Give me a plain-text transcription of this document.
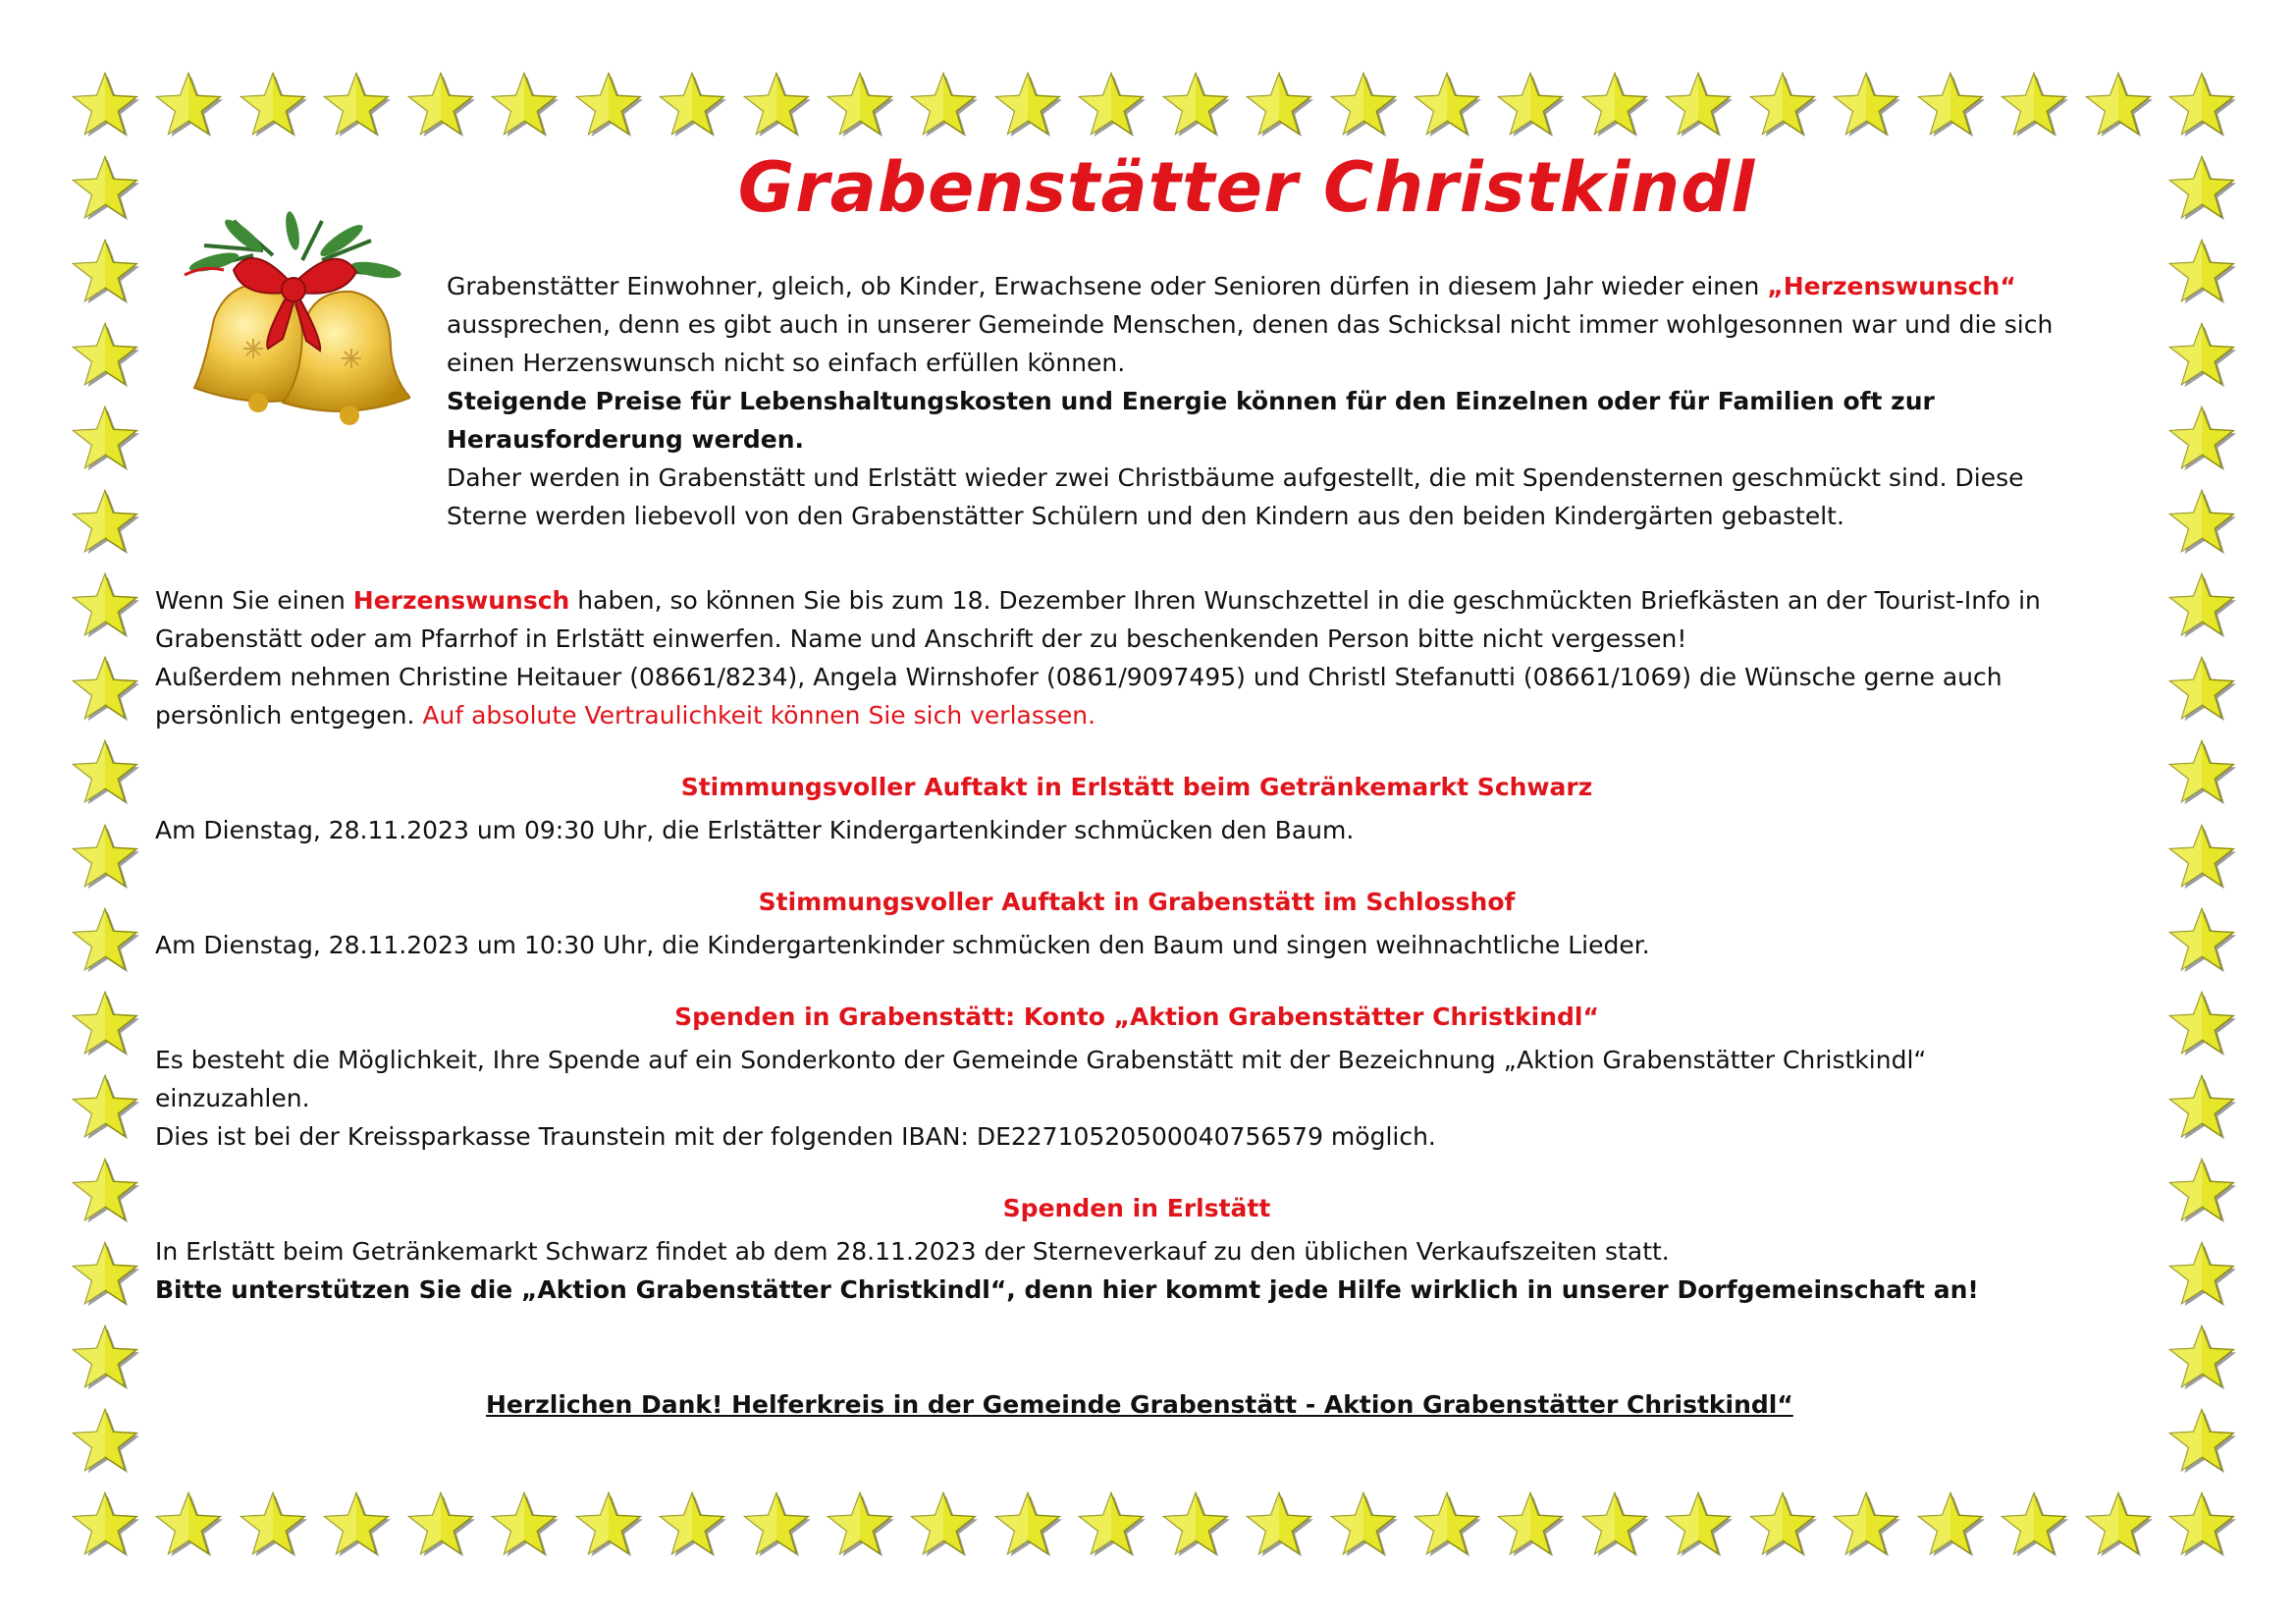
Grabenstätter Christkindl
Grabenstätter Einwohner, gleich, ob Kinder, Erwachsene oder Senioren dürfen in diesem Jahr wieder einen „Herzenswunsch“
aussprechen, denn es gibt auch in unserer Gemeinde Menschen, denen das Schicksal nicht immer wohlgesonnen war und die sich
einen Herzenswunsch nicht so einfach erfüllen können.
Steigende Preise für Lebenshaltungskosten und Energie können für den Einzelnen oder für Familien oft zur
Herausforderung werden.
Daher werden in Grabenstätt und Erlstätt wieder zwei Christbäume aufgestellt, die mit Spendensternen geschmückt sind. Diese
Sterne werden liebevoll von den Grabenstätter Schülern und den Kindern aus den beiden Kindergärten gebastelt.
Wenn Sie einen Herzenswunsch haben, so können Sie bis zum 18. Dezember Ihren Wunschzettel in die geschmückten Briefkästen an der Tourist-Info in
Grabenstätt oder am Pfarrhof in Erlstätt einwerfen. Name und Anschrift der zu beschenkenden Person bitte nicht vergessen!
Außerdem nehmen Christine Heitauer (08661/8234), Angela Wirnshofer (0861/9097495) und Christl Stefanutti (08661/1069) die Wünsche gerne auch
persönlich entgegen. Auf absolute Vertraulichkeit können Sie sich verlassen.

Stimmungsvoller Auftakt in Erlstätt beim Getränkemarkt Schwarz

Am Dienstag, 28.11.2023 um 09:30 Uhr, die Erlstätter Kindergartenkinder schmücken den Baum.

Stimmungsvoller Auftakt in Grabenstätt im Schlosshof

Am Dienstag, 28.11.2023 um 10:30 Uhr, die Kindergartenkinder schmücken den Baum und singen weihnachtliche Lieder.

Spenden in Grabenstätt: Konto „Aktion Grabenstätter Christkindl“

Es besteht die Möglichkeit, Ihre Spende auf ein Sonderkonto der Gemeinde Grabenstätt mit der Bezeichnung „Aktion Grabenstätter Christkindl“
einzuzahlen.
Dies ist bei der Kreissparkasse Traunstein mit der folgenden IBAN: DE22710520500040756579 möglich.

Spenden in Erlstätt

In Erlstätt beim Getränkemarkt Schwarz findet ab dem 28.11.2023 der Sterneverkauf zu den üblichen Verkaufszeiten statt.
Bitte unterstützen Sie die „Aktion Grabenstätter Christkindl“, denn hier kommt jede Hilfe wirklich in unserer Dorfgemeinschaft an!

Herzlichen Dank! Helferkreis in der Gemeinde Grabenstätt - Aktion Grabenstätter Christkindl“
